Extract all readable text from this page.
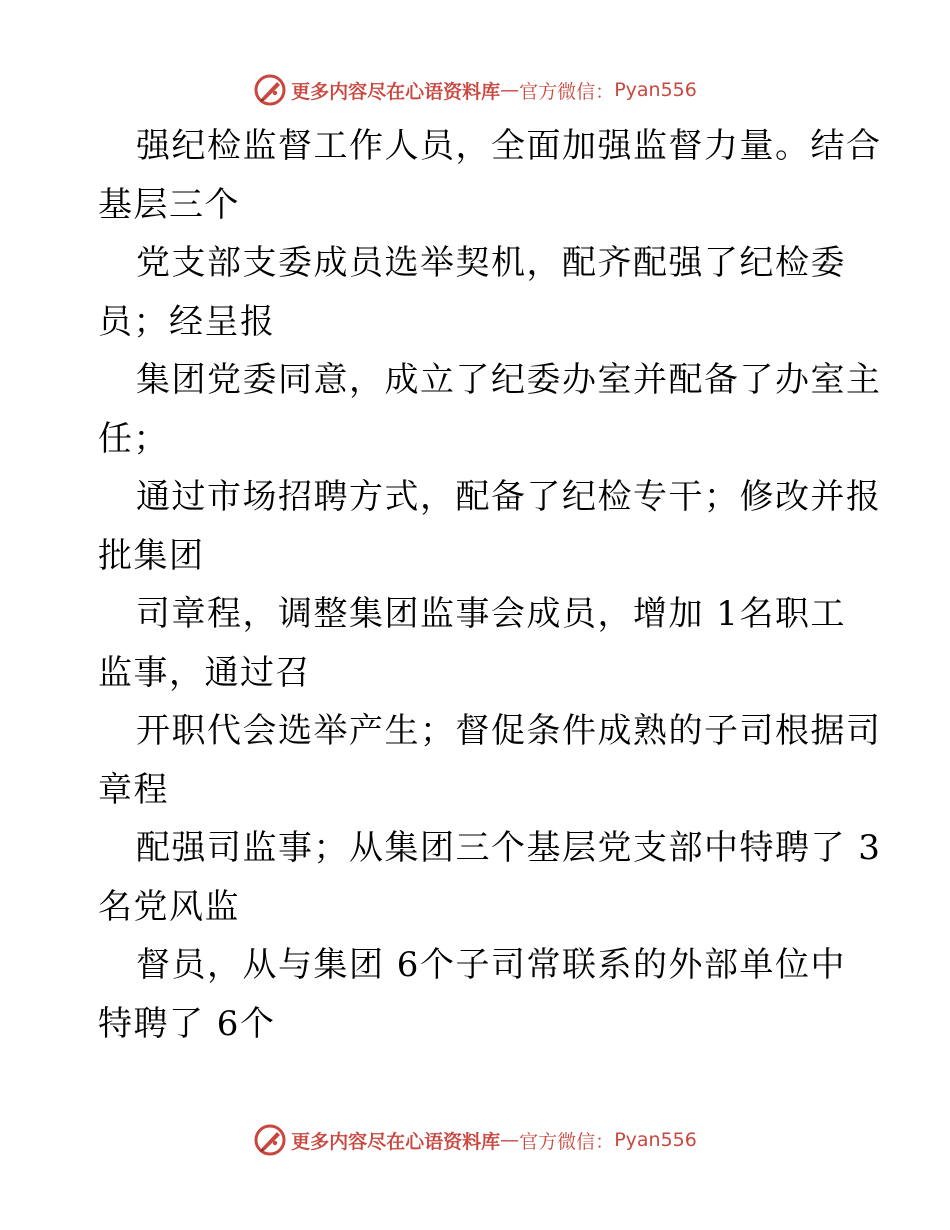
更多内容尽在心语资料库 — 官方微信： Pyan556
强纪检监督工作人员，全面加强监督力量。结合
基层三个
党支部支委成员选举契机，配齐配强了纪检委
员；经呈报
集团党委同意，成立了纪委办室并配备了办室主
任；
通过市场招聘方式，配备了纪检专干；修改并报
批集团
司章程，调整集团监事会成员，增加 1名职工
监事，通过召
开职代会选举产生；督促条件成熟的子司根据司
章程
配强司监事；从集团三个基层党支部中特聘了 3
名党风监
督员，从与集团 6个子司常联系的外部单位中
特聘了 6个
更多内容尽在心语资料库 — 官方微信： Pyan556
